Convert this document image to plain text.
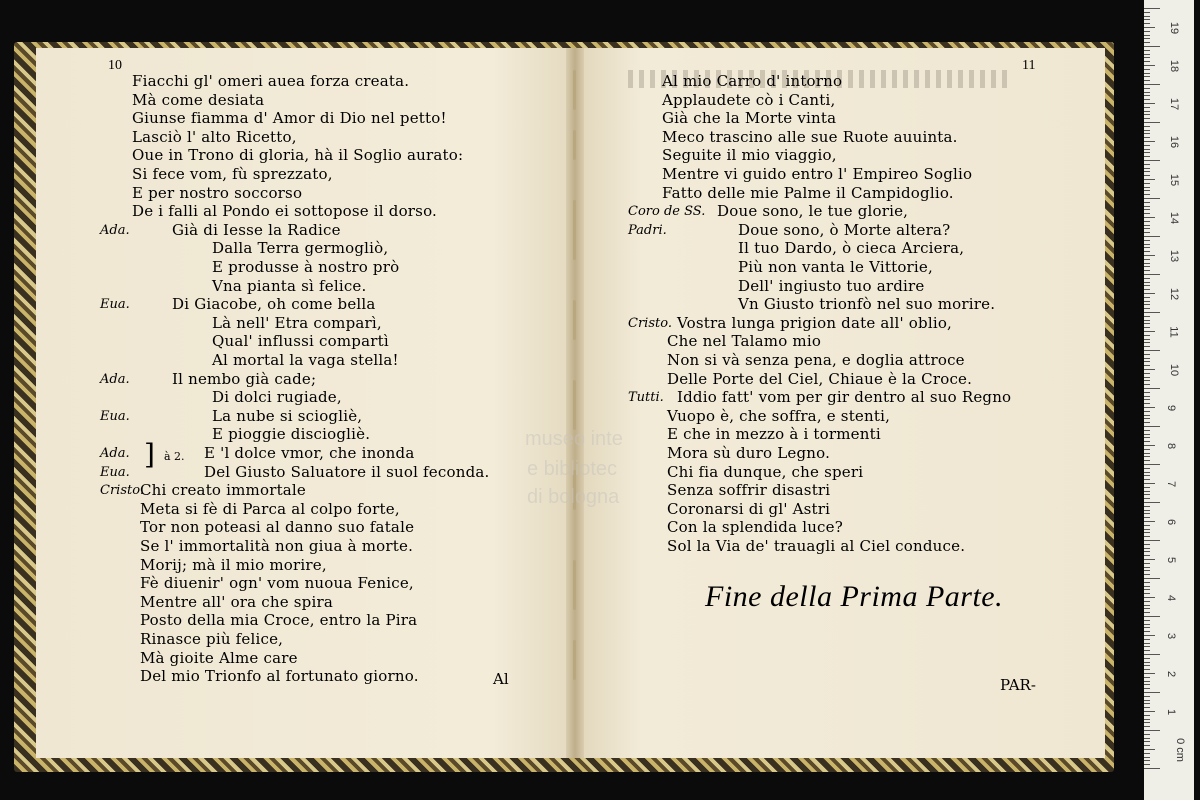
10	11
Fiacchi gl' omeri auea forza creata.
Mà come desiata
Giunse fiamma d' Amor di Dio nel petto!
Lasciò l' alto Ricetto,
Oue in Trono di gloria, hà il Soglio aurato:
Si fece vom, fù sprezzato,
E per nostro soccorso
De i falli al Pondo ei sottopose il dorso.
Ada.	Già di Iesse la Radice
Dalla Terra germogliò,
E produsse à nostro prò
Vna pianta sì felice.
Eua.	Di Giacobe, oh come bella
Là nell' Etra comparì,
Qual' influssi compartì
Al mortal la vaga stella!
Ada.	Il nembo già cade;
Di dolci rugiade,
Eua.	La nube si sciogliè,
E pioggie disciogliè.
Ada.	E 'l dolce vmor, che inonda
Eua.	Del Giusto Saluatore il suol feconda.
Cristo.
Chi creato immortale
Meta si fè di Parca al colpo forte,
Tor non poteasi al danno suo fatale
Se l' immortalità non giua à morte.
Morij; mà il mio morire,
Fè diuenir' ogn' vom nuoua Fenice,
Mentre all' ora che spira
Posto della mia Croce, entro la Pira
Rinasce più felice,
Mà gioite Alme care
Del mio Trionfo al fortunato giorno.
Al mio Carro d' intorno
Applaudete cò i Canti,
Già che la Morte vinta
Meco trascino alle sue Ruote auuinta.
Seguite il mio viaggio,
Mentre vi guido entro l' Empireo Soglio
Fatto delle mie Palme il Campidoglio.
Coro de SS. Doue sono, le tue glorie,
Padri.	Doue sono, ò Morte altera?
Il tuo Dardo, ò cieca Arciera,
Più non vanta le Vittorie,
Dell' ingiusto tuo ardire
Vn Giusto trionfò nel suo morire.
Cristo. Vostra lunga prigion date all' oblio,
Che nel Talamo mio
Non si và senza pena, e doglia attroce
Delle Porte del Ciel, Chiaue è la Croce.
Tutti. Iddio fatt' vom per gir dentro al suo Regno
Vuopo è, che soffra, e stenti,
E che in mezzo à i tormenti
Mora sù duro Legno.
Chi fia dunque, che speri
Senza soffrir disastri
Coronarsi di gl' Astri
Con la splendida luce?
Sol la Via de' trauagli al Ciel conduce.
] à 2.
Al	PAR-
Fine della Prima Parte.
museo inte
e bibliotec
di bologna
19
18
17
16
15
14
13
12
11
10
9
8
7
6
5
4
3
2
1
0 cm
